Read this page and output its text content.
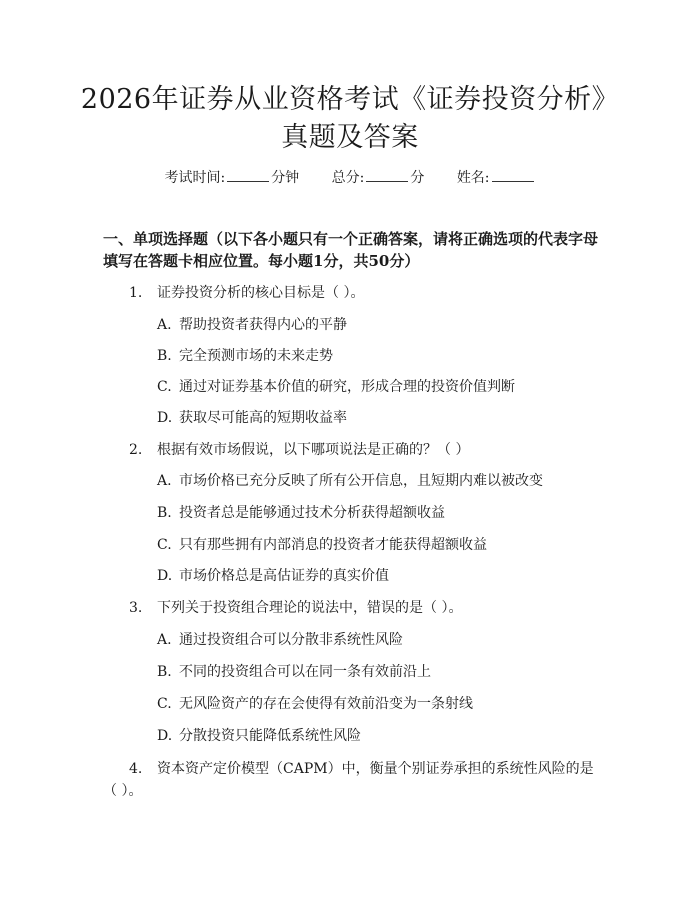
2026年证券从业资格考试《证券投资分析》
真题及答案
考试时间:	分钟 总分:	分 姓名:

一、单项选择题（以下各小题只有一个正确答案，请将正确选项的代表字母填写在答题卡相应位置。每小题1分，共50分）

1. 证券投资分析的核心目标是（ ）。
A. 帮助投资者获得内心的平静
B. 完全预测市场的未来走势
C. 通过对证券基本价值的研究，形成合理的投资价值判断
D. 获取尽可能高的短期收益率
2. 根据有效市场假说，以下哪项说法是正确的？（ ）
A. 市场价格已充分反映了所有公开信息，且短期内难以被改变
B. 投资者总是能够通过技术分析获得超额收益
C. 只有那些拥有内部消息的投资者才能获得超额收益
D. 市场价格总是高估证券的真实价值
3. 下列关于投资组合理论的说法中，错误的是（ ）。
A. 通过投资组合可以分散非系统性风险
B. 不同的投资组合可以在同一条有效前沿上
C. 无风险资产的存在会使得有效前沿变为一条射线
D. 分散投资只能降低系统性风险
4. 资本资产定价模型（CAPM）中，衡量个别证券承担的系统性风险的是
（ ）。
